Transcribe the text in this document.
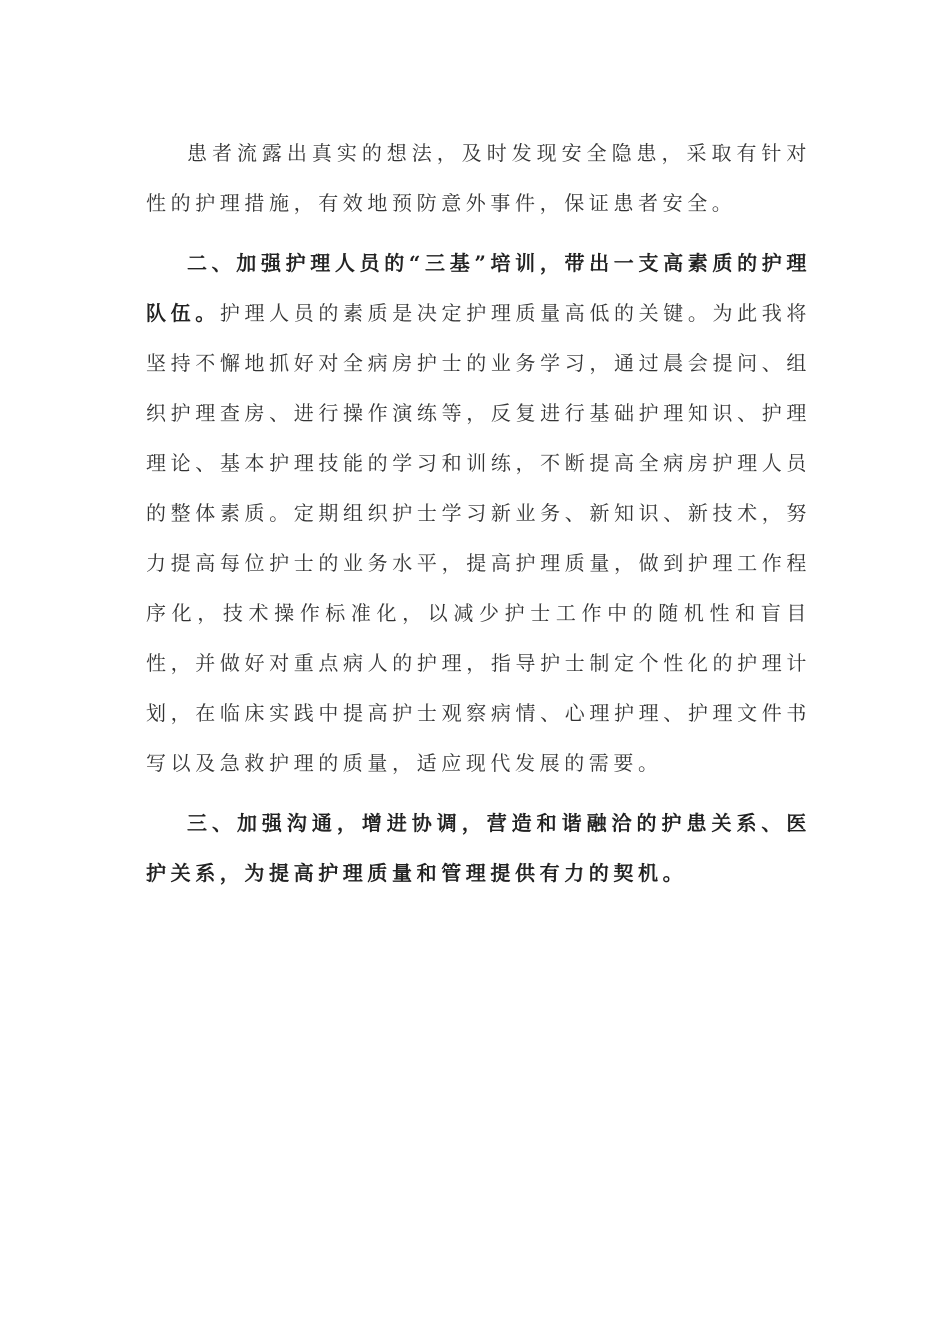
患者流露出真实的想法，及时发现安全隐患，采取有针对性的护理措施，有效地预防意外事件，保证患者安全。

二、加强护理人员的“三基”培训，带出一支高素质的护理队伍。护理人员的素质是决定护理质量高低的关键。为此我将坚持不懈地抓好对全病房护士的业务学习，通过晨会提问、组织护理查房、进行操作演练等，反复进行基础护理知识、护理理论、基本护理技能的学习和训练，不断提高全病房护理人员的整体素质。定期组织护士学习新业务、新知识、新技术，努力提高每位护士的业务水平，提高护理质量，做到护理工作程序化，技术操作标准化，以减少护士工作中的随机性和盲目性，并做好对重点病人的护理，指导护士制定个性化的护理计划，在临床实践中提高护士观察病情、心理护理、护理文件书写以及急救护理的质量，适应现代发展的需要。

三、加强沟通，增进协调，营造和谐融洽的护患关系、医护关系，为提高护理质量和管理提供有力的契机。
